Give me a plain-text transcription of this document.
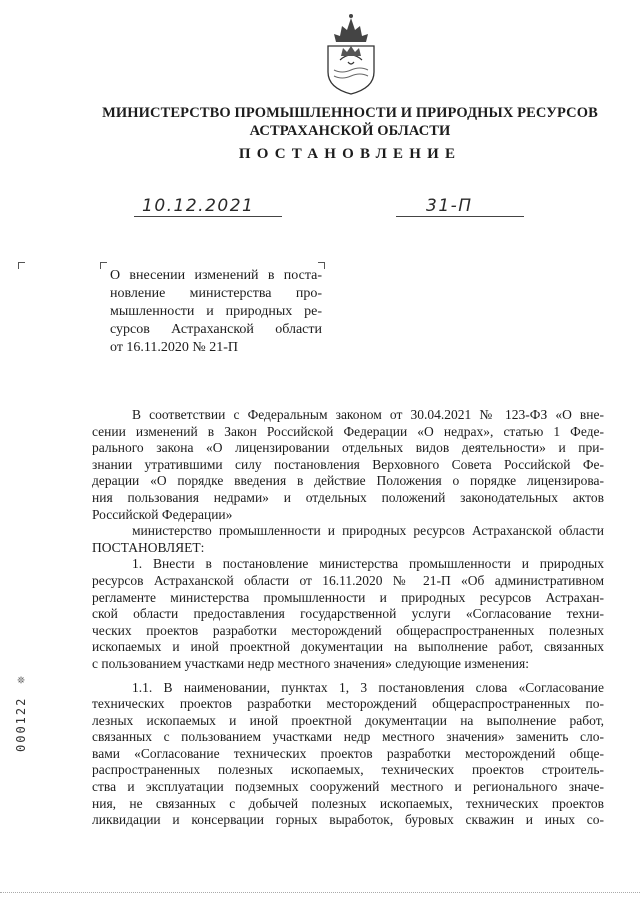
МИНИСТЕРСТВО ПРОМЫШЛЕННОСТИ И ПРИРОДНЫХ РЕСУРСОВ
АСТРАХАНСКОЙ ОБЛАСТИ
ПОСТАНОВЛЕНИЕ
10.12.2021	31-П
О внесении изменений в поста-
новление министерства про-
мышленности и природных ре-
сурсов Астраханской области
от 16.11.2020 № 21-П
В соответствии с Федеральным законом от 30.04.2021 № 123-ФЗ «О вне-
сении изменений в Закон Российской Федерации «О недрах», статью 1 Феде-
рального закона «О лицензировании отдельных видов деятельности» и при-
знании утратившими силу постановления Верховного Совета Российской Фе-
дерации «О порядке введения в действие Положения о порядке лицензирова-
ния пользования недрами» и отдельных положений законодательных актов
Российской Федерации»
министерство промышленности и природных ресурсов Астраханской области
ПОСТАНОВЛЯЕТ:
1. Внести в постановление министерства промышленности и природных
ресурсов Астраханской области от 16.11.2020 № 21-П «Об административном
регламенте министерства промышленности и природных ресурсов Астрахан-
ской области предоставления государственной услуги «Согласование техни-
ческих проектов разработки месторождений общераспространенных полезных
ископаемых и иной проектной документации на выполнение работ, связанных
с пользованием участками недр местного значения» следующие изменения:
1.1. В наименовании, пунктах 1, 3 постановления слова «Согласование
технических проектов разработки месторождений общераспространенных по-
лезных ископаемых и иной проектной документации на выполнение работ,
связанных с пользованием участками недр местного значения» заменить сло-
вами «Согласование технических проектов разработки месторождений обще-
распространенных полезных ископаемых, технических проектов строитель-
ства и эксплуатации подземных сооружений местного и регионального значе-
ния, не связанных с добычей полезных ископаемых, технических проектов
ликвидации и консервации горных выработок, буровых скважин и иных со-
000122 ❊
